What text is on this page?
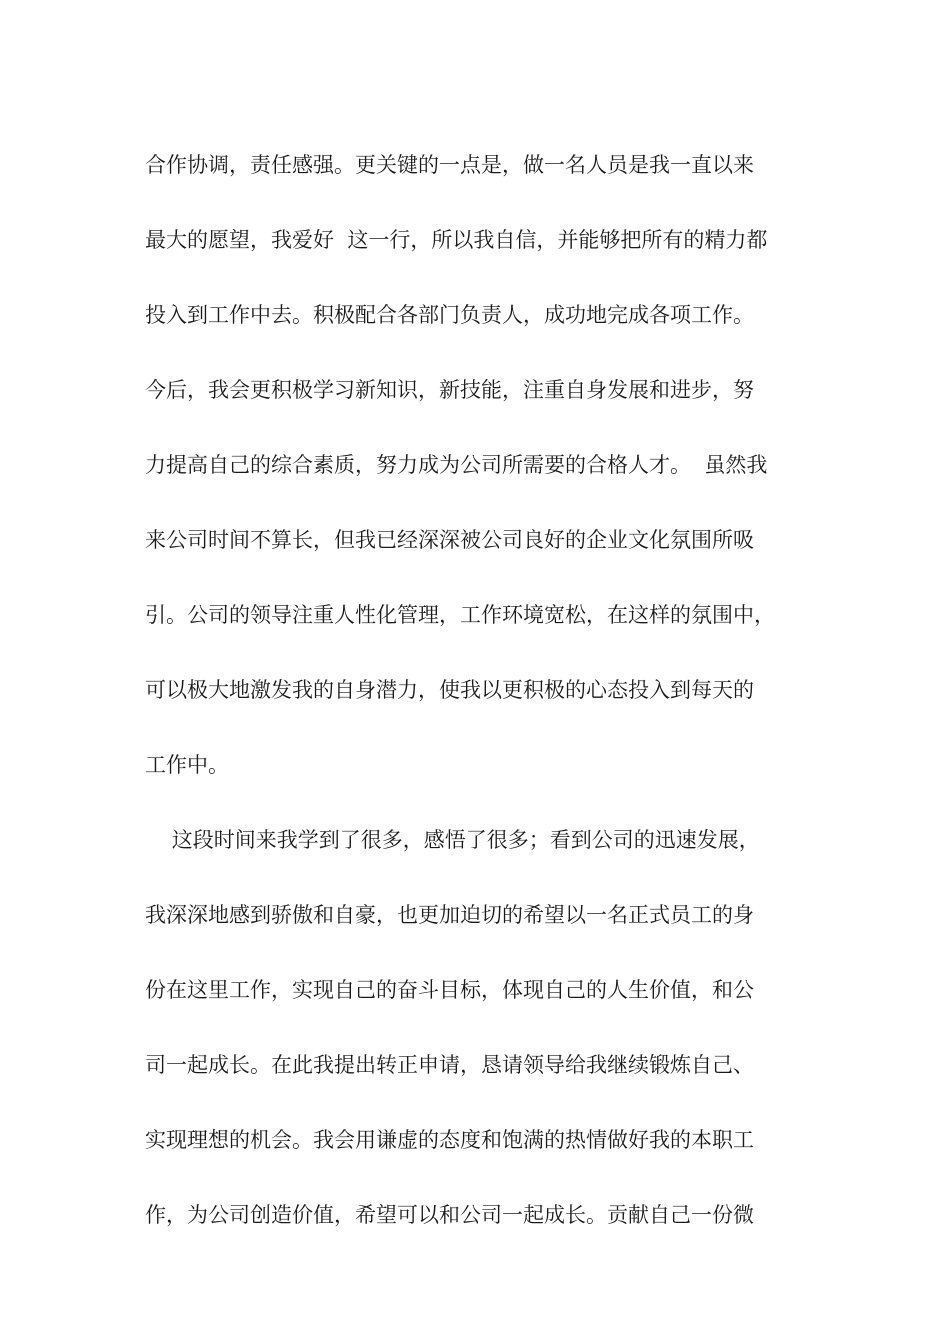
合作协调，责任感强。更关键的一点是，做一名人员是我一直以来
最大的愿望，我爱好  这一行，所以我自信，并能够把所有的精力都
投入到工作中去。积极配合各部门负责人，成功地完成各项工作。
今后，我会更积极学习新知识，新技能，注重自身发展和进步，努
力提高自己的综合素质，努力成为公司所需要的合格人才。  虽然我
来公司时间不算长，但我已经深深被公司良好的企业文化氛围所吸
引。公司的领导注重人性化管理，工作环境宽松，在这样的氛围中，
可以极大地激发我的自身潜力，使我以更积极的心态投入到每天的
工作中。
这段时间来我学到了很多，感悟了很多；看到公司的迅速发展，
我深深地感到骄傲和自豪，也更加迫切的希望以一名正式员工的身
份在这里工作，实现自己的奋斗目标，体现自己的人生价值，和公
司一起成长。在此我提出转正申请，恳请领导给我继续锻炼自己、
实现理想的机会。我会用谦虚的态度和饱满的热情做好我的本职工
作，为公司创造价值，希望可以和公司一起成长。贡献自己一份微
